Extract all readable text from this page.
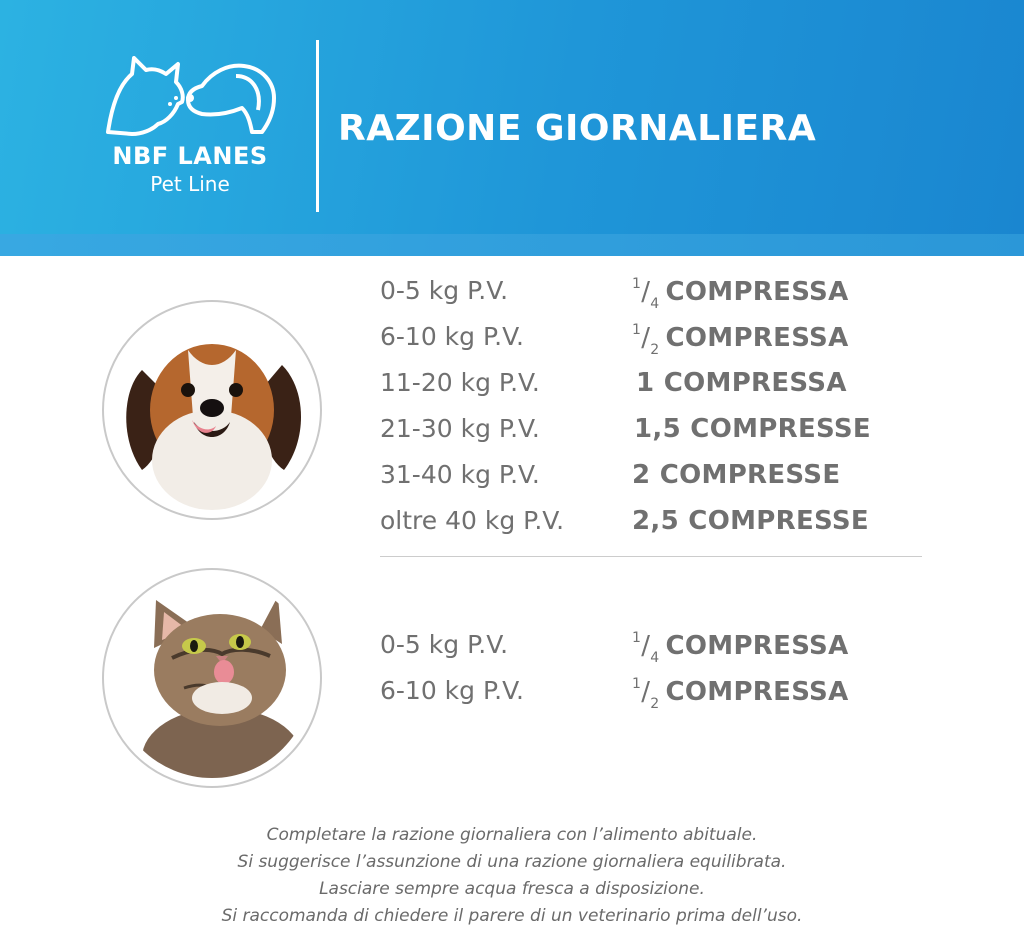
NBF LANES
Pet Line
RAZIONE GIORNALIERA
0-5 kg P.V.	$^1/_4$ COMPRESSA
6-10 kg P.V.	$^1/_2$ COMPRESSA
11-20 kg P.V.	1 COMPRESSA
21-30 kg P.V.	1,5 COMPRESSE
31-40 kg P.V.	2 COMPRESSE
oltre 40 kg P.V.	2,5 COMPRESSE
0-5 kg P.V.	$^1/_4$ COMPRESSA
6-10 kg P.V.	$^1/_2$ COMPRESSA
Completare la razione giornaliera con l’alimento abituale.
Si suggerisce l’assunzione di una razione giornaliera equilibrata.
Lasciare sempre acqua fresca a disposizione.
Si raccomanda di chiedere il parere di un veterinario prima dell’uso.
